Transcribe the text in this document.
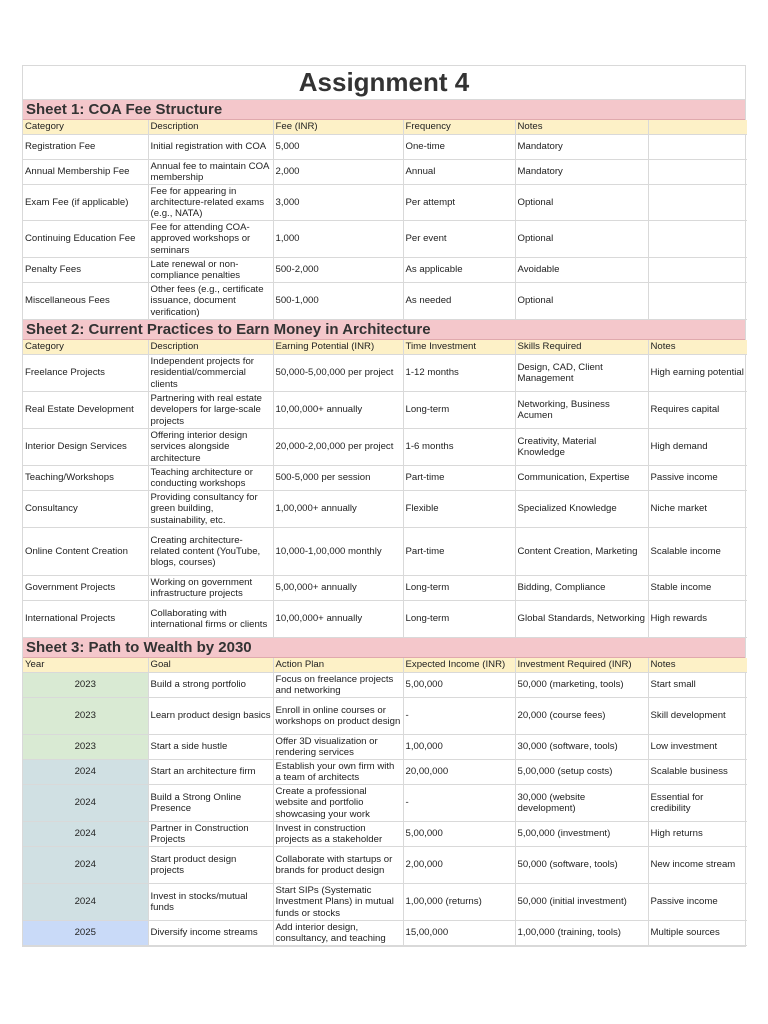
Assignment 4
Sheet 1: COA Fee Structure
Category	Description	Fee (INR)	Frequency	Notes	
Registration Fee	Initial registration with COA	5,000	One-time	Mandatory	
Annual Membership Fee	Annual fee to maintain COA membership	2,000	Annual	Mandatory	
Exam Fee (if applicable)	Fee for appearing in architecture-related exams (e.g., NATA)	3,000	Per attempt	Optional	
Continuing Education Fee	Fee for attending COA-approved workshops or seminars	1,000	Per event	Optional	
Penalty Fees	Late renewal or non-compliance penalties	500-2,000	As applicable	Avoidable	
Miscellaneous Fees	Other fees (e.g., certificate issuance, document verification)	500-1,000	As needed	Optional	
Sheet 2: Current Practices to Earn Money in Architecture
Category	Description	Earning Potential (INR)	Time Investment	Skills Required	Notes
Freelance Projects	Independent projects for residential/commercial clients	50,000-5,00,000 per project	1-12 months	Design, CAD, Client Management	High earning potential
Real Estate Development	Partnering with real estate developers for large-scale projects	10,00,000+ annually	Long-term	Networking, Business Acumen	Requires capital
Interior Design Services	Offering interior design services alongside architecture	20,000-2,00,000 per project	1-6 months	Creativity, Material Knowledge	High demand
Teaching/Workshops	Teaching architecture or conducting workshops	500-5,000 per session	Part-time	Communication, Expertise	Passive income
Consultancy	Providing consultancy for green building, sustainability, etc.	1,00,000+ annually	Flexible	Specialized Knowledge	Niche market
Online Content Creation	Creating architecture-related content (YouTube, blogs, courses)	10,000-1,00,000 monthly	Part-time	Content Creation, Marketing	Scalable income
Government Projects	Working on government infrastructure projects	5,00,000+ annually	Long-term	Bidding, Compliance	Stable income
International Projects	Collaborating with international firms or clients	10,00,000+ annually	Long-term	Global Standards, Networking	High rewards
Sheet 3: Path to Wealth by 2030
Year	Goal	Action Plan	Expected Income (INR)	Investment Required (INR)	Notes
2023	Build a strong portfolio	Focus on freelance projects and networking	5,00,000	50,000 (marketing, tools)	Start small
2023	Learn product design basics	Enroll in online courses or workshops on product design	-	20,000 (course fees)	Skill development
2023	Start a side hustle	Offer 3D visualization or rendering services	1,00,000	30,000 (software, tools)	Low investment
2024	Start an architecture firm	Establish your own firm with a team of architects	20,00,000	5,00,000 (setup costs)	Scalable business
2024	Build a Strong Online Presence	Create a professional website and portfolio showcasing your work	-	30,000 (website development)	Essential for credibility
2024	Partner in Construction Projects	Invest in construction projects as a stakeholder	5,00,000	5,00,000 (investment)	High returns
2024	Start product design projects	Collaborate with startups or brands for product design	2,00,000	50,000 (software, tools)	New income stream
2024	Invest in stocks/mutual funds	Start SIPs (Systematic Investment Plans) in mutual funds or stocks	1,00,000 (returns)	50,000 (initial investment)	Passive income
2025	Diversify income streams	Add interior design, consultancy, and teaching	15,00,000	1,00,000 (training, tools)	Multiple sources
